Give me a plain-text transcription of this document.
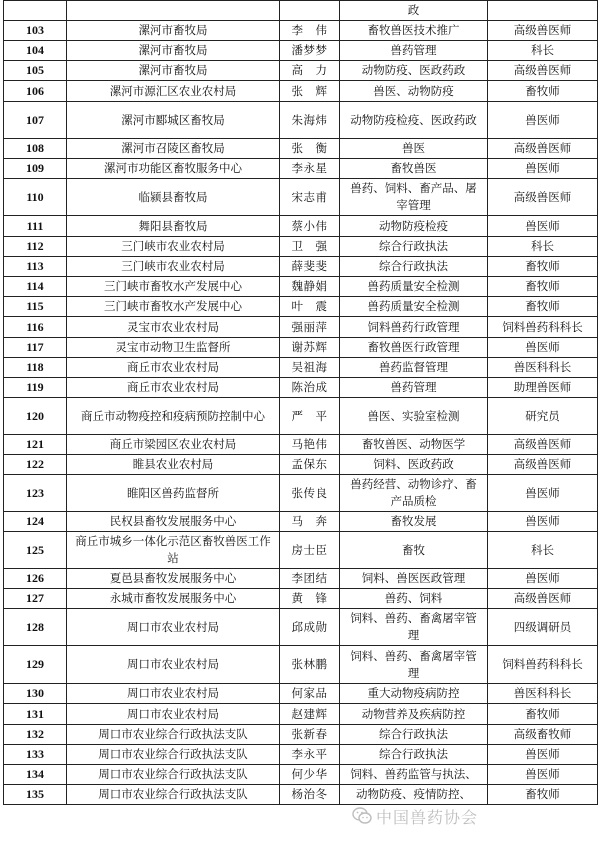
			政	
103	漯河市畜牧局	李　伟	畜牧兽医技术推广	高级兽医师
104	漯河市畜牧局	潘梦梦	兽药管理	科长
105	漯河市畜牧局	高　力	动物防疫、医政药政	高级兽医师
106	漯河市源汇区农业农村局	张　辉	兽医、动物防疫	畜牧师
107	漯河市郾城区畜牧局	朱海炜	动物防疫检疫、医政药政	兽医师
108	漯河市召陵区畜牧局	张　衡	兽医	高级兽医师
109	漯河市功能区畜牧服务中心	李永星	畜牧兽医	兽医师
110	临颍县畜牧局	宋志甫	兽药、饲料、畜产品、屠宰管理	高级兽医师
111	舞阳县畜牧局	蔡小伟	动物防疫检疫	兽医师
112	三门峡市农业农村局	卫　强	综合行政执法	科长
113	三门峡市农业农村局	薛斐斐	综合行政执法	畜牧师
114	三门峡市畜牧水产发展中心	魏静娟	兽药质量安全检测	畜牧师
115	三门峡市畜牧水产发展中心	叶　震	兽药质量安全检测	畜牧师
116	灵宝市农业农村局	强丽萍	饲料兽药行政管理	饲料兽药科科长
117	灵宝市动物卫生监督所	谢苏辉	畜牧兽医行政管理	兽医师
118	商丘市农业农村局	吴祖海	兽药监督管理	兽医科科长
119	商丘市农业农村局	陈治成	兽药管理	助理兽医师
120	商丘市动物疫控和疫病预防控制中心	严　平	兽医、实验室检测	研究员
121	商丘市梁园区农业农村局	马艳伟	畜牧兽医、动物医学	高级兽医师
122	睢县农业农村局	孟保东	饲料、医政药政	高级兽医师
123	睢阳区兽药监督所	张传良	兽药经营、动物诊疗、畜产品质检	兽医师
124	民权县畜牧发展服务中心	马　奔	畜牧发展	兽医师
125	商丘市城乡一体化示范区畜牧兽医工作站	房士臣	畜牧	科长
126	夏邑县畜牧发展服务中心	李团结	饲料、兽医医政管理	兽医师
127	永城市畜牧发展服务中心	黄　锋	兽药、饲料	高级兽医师
128	周口市农业农村局	邱成勋	饲料、兽药、畜禽屠宰管理	四级调研员
129	周口市农业农村局	张林鹏	饲料、兽药、畜禽屠宰管理	饲料兽药科科长
130	周口市农业农村局	何家品	重大动物疫病防控	兽医科科长
131	周口市农业农村局	赵建辉	动物营养及疾病防控	畜牧师
132	周口市农业综合行政执法支队	张新春	综合行政执法	高级畜牧师
133	周口市农业综合行政执法支队	李永平	综合行政执法	兽医师
134	周口市农业综合行政执法支队	何少华	饲料、兽药监管与执法、	兽医师
135	周口市农业综合行政执法支队	杨治冬	动物防疫、疫情防控、	畜牧师
中国兽药协会
